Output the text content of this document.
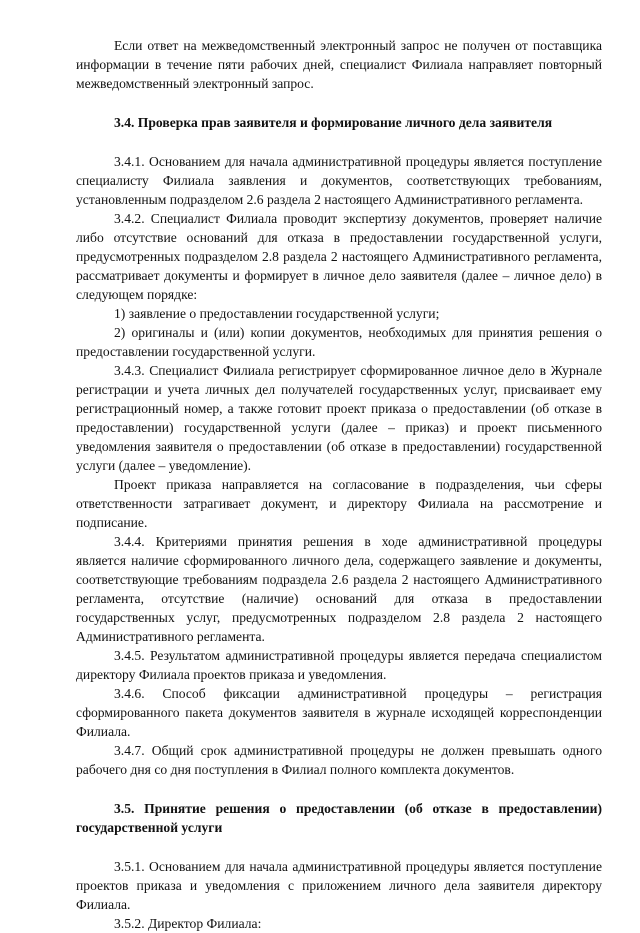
Если ответ на межведомственный электронный запрос не получен от поставщика информации в течение пяти рабочих дней, специалист Филиала направляет повторный межведомственный электронный запрос.

3.4. Проверка прав заявителя и формирование личного дела заявителя

3.4.1. Основанием для начала административной процедуры является поступление специалисту Филиала заявления и документов, соответствующих требованиям, установленным подразделом 2.6 раздела 2 настоящего Административного регламента.

3.4.2. Специалист Филиала проводит экспертизу документов, проверяет наличие либо отсутствие оснований для отказа в предоставлении государственной услуги, предусмотренных подразделом 2.8 раздела 2 настоящего Административного регламента, рассматривает документы и формирует в личное дело заявителя (далее – личное дело) в следующем порядке:

1) заявление о предоставлении государственной услуги;

2) оригиналы и (или) копии документов, необходимых для принятия решения о предоставлении государственной услуги.

3.4.3. Специалист Филиала регистрирует сформированное личное дело в Журнале регистрации и учета личных дел получателей государственных услуг, присваивает ему регистрационный номер, а также готовит проект приказа о предоставлении (об отказе в предоставлении) государственной услуги (далее – приказ) и проект письменного уведомления заявителя о предоставлении (об отказе в предоставлении) государственной услуги (далее – уведомление).

Проект приказа направляется на согласование в подразделения, чьи сферы ответственности затрагивает документ, и директору Филиала на рассмотрение и подписание.

3.4.4. Критериями принятия решения в ходе административной процедуры является наличие сформированного личного дела, содержащего заявление и документы, соответствующие требованиям подраздела 2.6 раздела 2 настоящего Административного регламента, отсутствие (наличие) оснований для отказа в предоставлении государственных услуг, предусмотренных подразделом 2.8 раздела 2 настоящего Административного регламента.

3.4.5. Результатом административной процедуры является передача специалистом директору Филиала проектов приказа и уведомления.

3.4.6. Способ фиксации административной процедуры – регистрация сформированного пакета документов заявителя в журнале исходящей корреспонденции Филиала.

3.4.7. Общий срок административной процедуры не должен превышать одного рабочего дня со дня поступления в Филиал полного комплекта документов.

3.5. Принятие решения о предоставлении (об отказе в предоставлении) государственной услуги

3.5.1. Основанием для начала административной процедуры является поступление проектов приказа и уведомления с приложением личного дела заявителя директору Филиала.

3.5.2. Директор Филиала:
